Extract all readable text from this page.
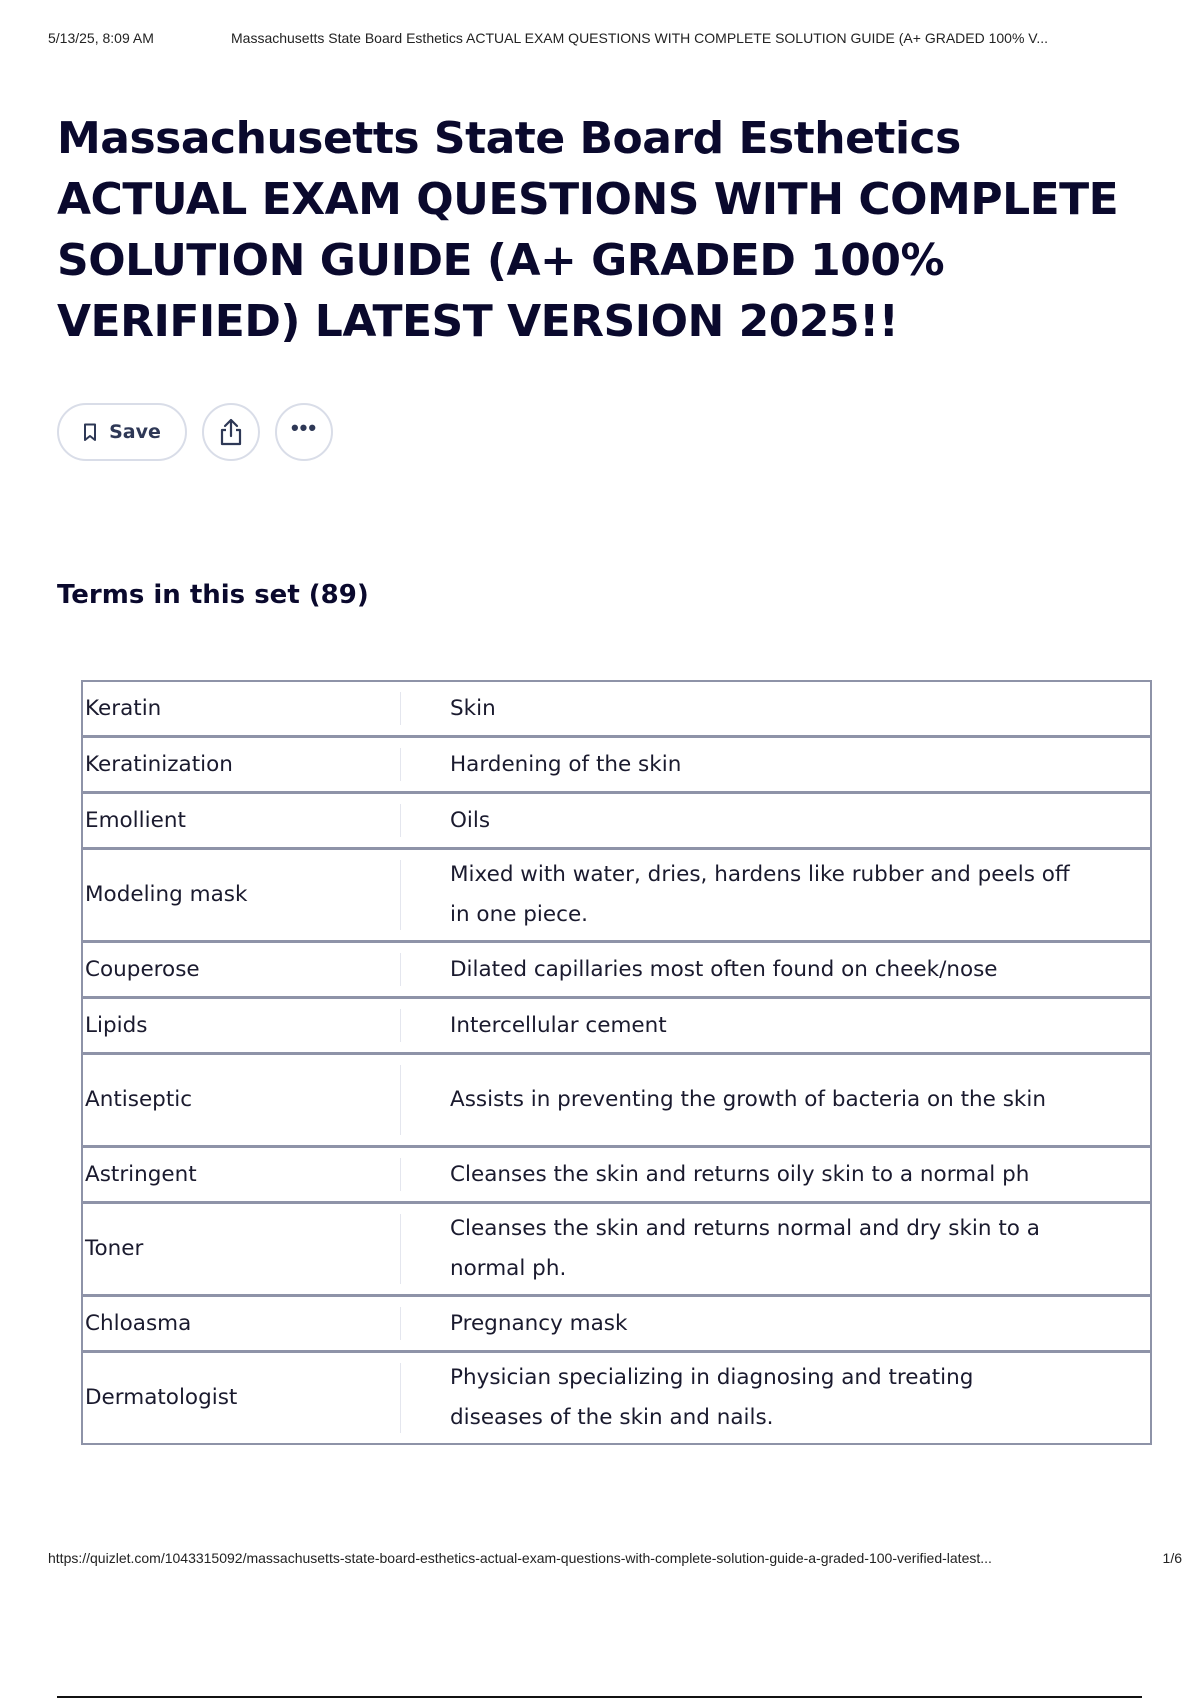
5/13/25, 8:09 AM	Massachusetts State Board Esthetics ACTUAL EXAM QUESTIONS WITH COMPLETE SOLUTION GUIDE (A+ GRADED 100% V...
Massachusetts State Board Esthetics ACTUAL EXAM QUESTIONS WITH COMPLETE SOLUTION GUIDE (A+ GRADED 100% VERIFIED) LATEST VERSION 2025!!
Save	•••
Terms in this set (89)
Keratin	Skin
Keratinization	Hardening of the skin
Emollient	Oils
Modeling mask	Mixed with water, dries, hardens like rubber and peels off in one piece.
Couperose	Dilated capillaries most often found on cheek/nose
Lipids	Intercellular cement
Antiseptic	Assists in preventing the growth of bacteria on the skin
Astringent	Cleanses the skin and returns oily skin to a normal ph
Toner	Cleanses the skin and returns normal and dry skin to a normal ph.
Chloasma	Pregnancy mask
Dermatologist	Physician specializing in diagnosing and treating diseases of the skin and nails.
https://quizlet.com/1043315092/massachusetts-state-board-esthetics-actual-exam-questions-with-complete-solution-guide-a-graded-100-verified-latest...	1/6
